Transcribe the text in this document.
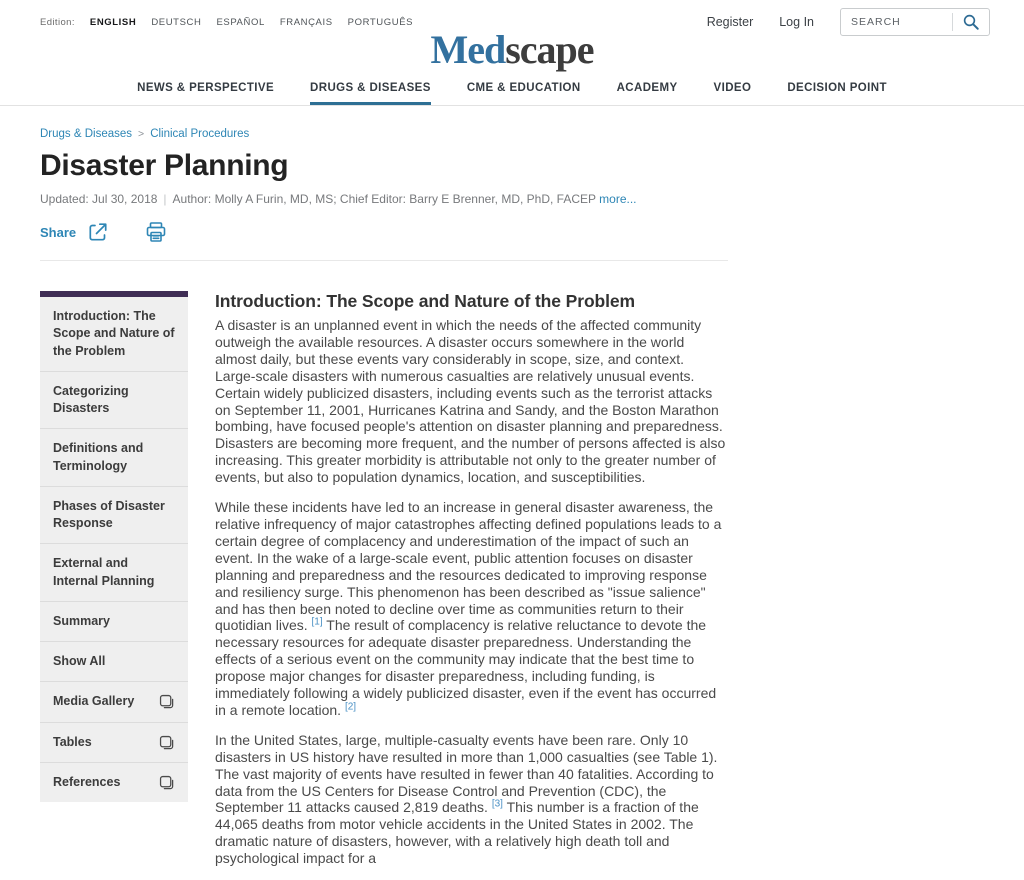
Edition: ENGLISH DEUTSCH ESPAÑOL FRANÇAIS PORTUGUÊS	Register Log In
SEARCH
Medscape
NEWS & PERSPECTIVE	DRUGS & DISEASES	CME & EDUCATION	ACADEMY	VIDEO	DECISION POINT
Drugs & Diseases > Clinical Procedures
Disaster Planning
Updated: Jul 30, 2018 | Author: Molly A Furin, MD, MS; Chief Editor: Barry E Brenner, MD, PhD, FACEP more...
Share
Introduction: The Scope and Nature of the Problem
Categorizing Disasters
Definitions and Terminology
Phases of Disaster Response
External and Internal Planning
Summary
Show All
Media Gallery
Tables
References
Introduction: The Scope and Nature of the Problem

A disaster is an unplanned event in which the needs of the affected community outweigh the available resources. A disaster occurs somewhere in the world almost daily, but these events vary considerably in scope, size, and context. Large-scale disasters with numerous casualties are relatively unusual events. Certain widely publicized disasters, including events such as the terrorist attacks on September 11, 2001, Hurricanes Katrina and Sandy, and the Boston Marathon bombing, have focused people's attention on disaster planning and preparedness. Disasters are becoming more frequent, and the number of persons affected is also increasing. This greater morbidity is attributable not only to the greater number of events, but also to population dynamics, location, and susceptibilities.

While these incidents have led to an increase in general disaster awareness, the relative infrequency of major catastrophes affecting defined populations leads to a certain degree of complacency and underestimation of the impact of such an event. In the wake of a large-scale event, public attention focuses on disaster planning and preparedness and the resources dedicated to improving response and resiliency surge. This phenomenon has been described as "issue salience" and has then been noted to decline over time as communities return to their quotidian lives. [1] The result of complacency is relative reluctance to devote the necessary resources for adequate disaster preparedness. Understanding the effects of a serious event on the community may indicate that the best time to propose major changes for disaster preparedness, including funding, is immediately following a widely publicized disaster, even if the event has occurred in a remote location. [2]

In the United States, large, multiple-casualty events have been rare. Only 10 disasters in US history have resulted in more than 1,000 casualties (see Table 1). The vast majority of events have resulted in fewer than 40 fatalities. According to data from the US Centers for Disease Control and Prevention (CDC), the September 11 attacks caused 2,819 deaths. [3] This number is a fraction of the 44,065 deaths from motor vehicle accidents in the United States in 2002. The dramatic nature of disasters, however, with a relatively high death toll and psychological impact for a
